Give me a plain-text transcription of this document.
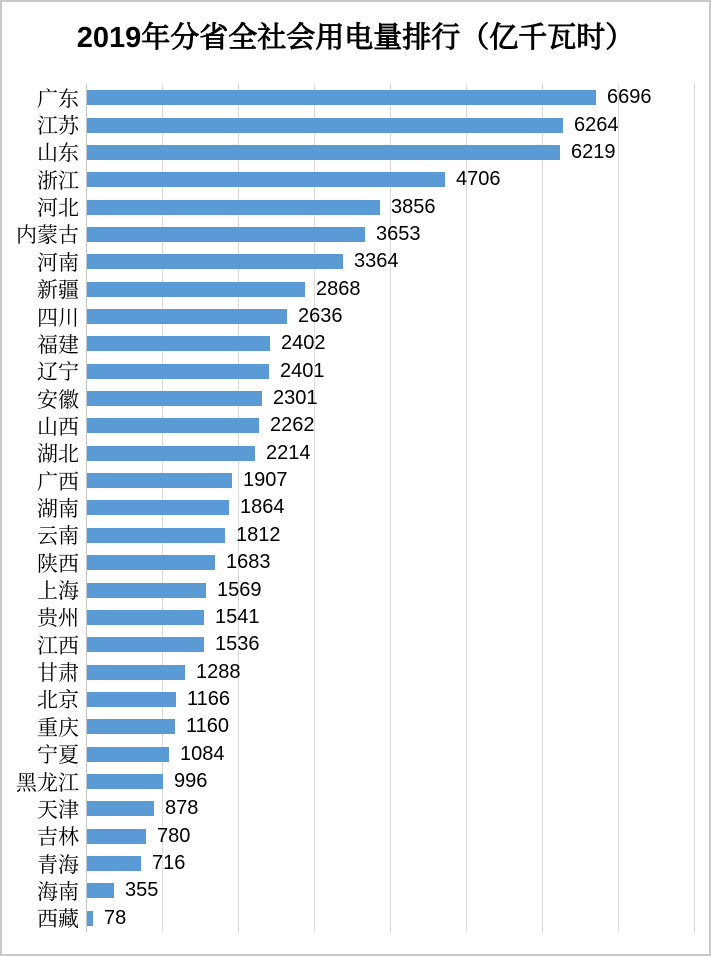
2019年分省全社会用电量排行（亿千瓦时）
广东	6696
江苏	6264
山东	6219
浙江	4706
河北	3856
内蒙古	3653
河南	3364
新疆	2868
四川	2636
福建	2402
辽宁	2401
安徽	2301
山西	2262
湖北	2214
广西	1907
湖南	1864
云南	1812
陕西	1683
上海	1569
贵州	1541
江西	1536
甘肃	1288
北京	1166
重庆	1160
宁夏	1084
黑龙江	996
天津	878
吉林	780
青海	716
海南 355
西藏 78
